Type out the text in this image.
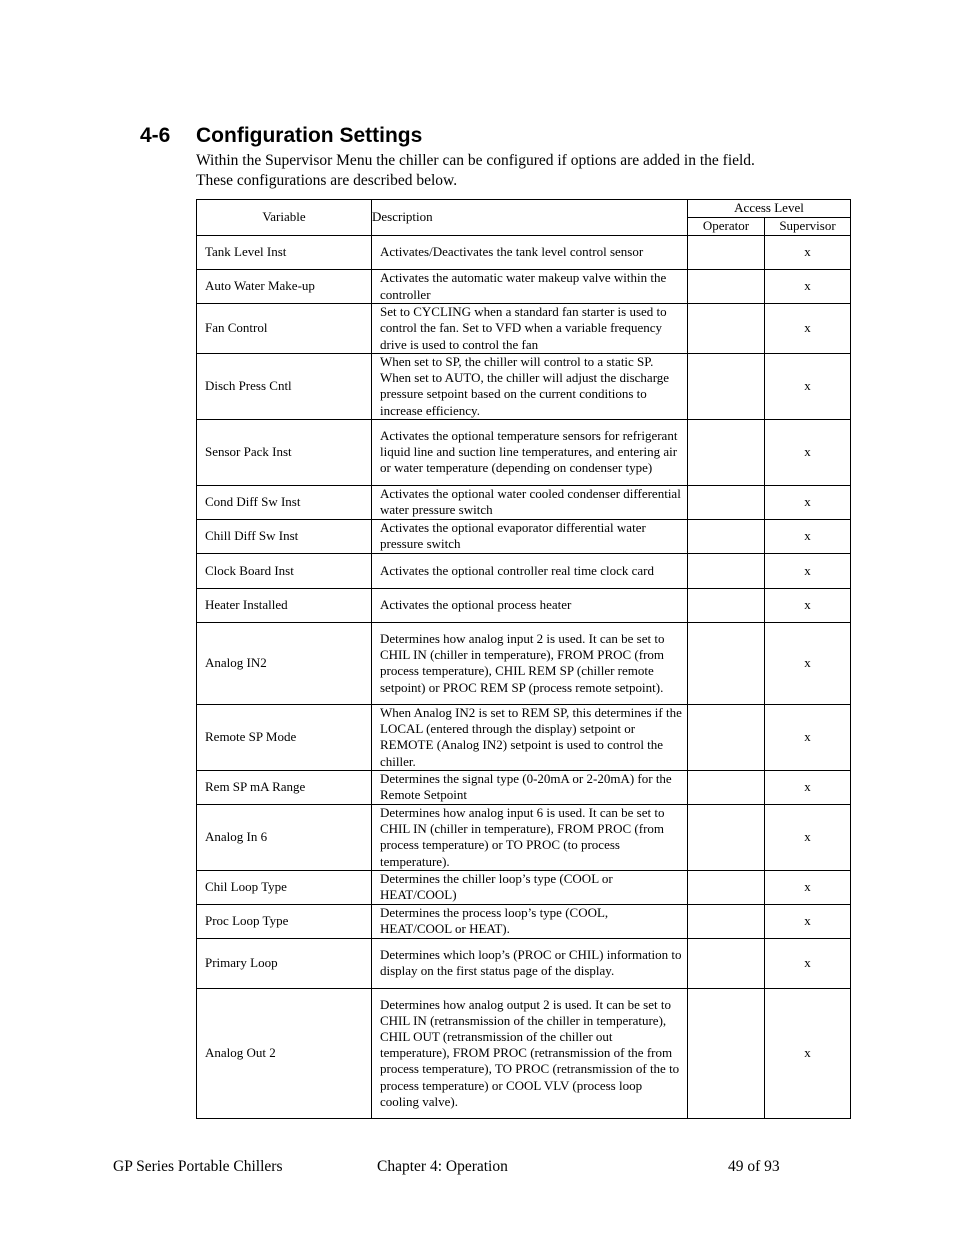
4-6 Configuration Settings

Within the Supervisor Menu the chiller can be configured if options are added in the field.
These configurations are described below.

Variable	Description	Access Level	
		Operator	Supervisor
Tank Level Inst	Activates/Deactivates the tank level control sensor		x
Auto Water Make-up	Activates the automatic water makeup valve within the controller		x
Fan Control	Set to CYCLING when a standard fan starter is used to control the fan. Set to VFD when a variable frequency drive is used to control the fan		x
Disch Press Cntl	When set to SP, the chiller will control to a static SP. When set to AUTO, the chiller will adjust the discharge pressure setpoint based on the current conditions to increase efficiency.		x
Sensor Pack Inst	Activates the optional temperature sensors for refrigerant liquid line and suction line temperatures, and entering air or water temperature (depending on condenser type)		x
Cond Diff Sw Inst	Activates the optional water cooled condenser differential water pressure switch		x
Chill Diff Sw Inst	Activates the optional evaporator differential water pressure switch		x
Clock Board Inst	Activates the optional controller real time clock card		x
Heater Installed	Activates the optional process heater		x
Analog IN2	Determines how analog input 2 is used. It can be set to CHIL IN (chiller in temperature), FROM PROC (from process temperature), CHIL REM SP (chiller remote setpoint) or PROC REM SP (process remote setpoint).		x
Remote SP Mode	When Analog IN2 is set to REM SP, this determines if the LOCAL (entered through the display) setpoint or REMOTE (Analog IN2) setpoint is used to control the chiller.		x
Rem SP mA Range	Determines the signal type (0-20mA or 2-20mA) for the Remote Setpoint		x
Analog In 6	Determines how analog input 6 is used. It can be set to CHIL IN (chiller in temperature), FROM PROC (from process temperature) or TO PROC (to process temperature).		x
Chil Loop Type	Determines the chiller loop’s type (COOL or HEAT/COOL)		x
Proc Loop Type	Determines the process loop’s type (COOL, HEAT/COOL or HEAT).		x
Primary Loop	Determines which loop’s (PROC or CHIL) information to display on the first status page of the display.		x
Analog Out 2	Determines how analog output 2 is used. It can be set to CHIL IN (retransmission of the chiller in temperature), CHIL OUT (retransmission of the chiller out temperature), FROM PROC (retransmission of the from process temperature), TO PROC (retransmission of the to process temperature) or COOL VLV (process loop cooling valve).		x
GP Series Portable Chillers	Chapter 4: Operation	49 of 93
